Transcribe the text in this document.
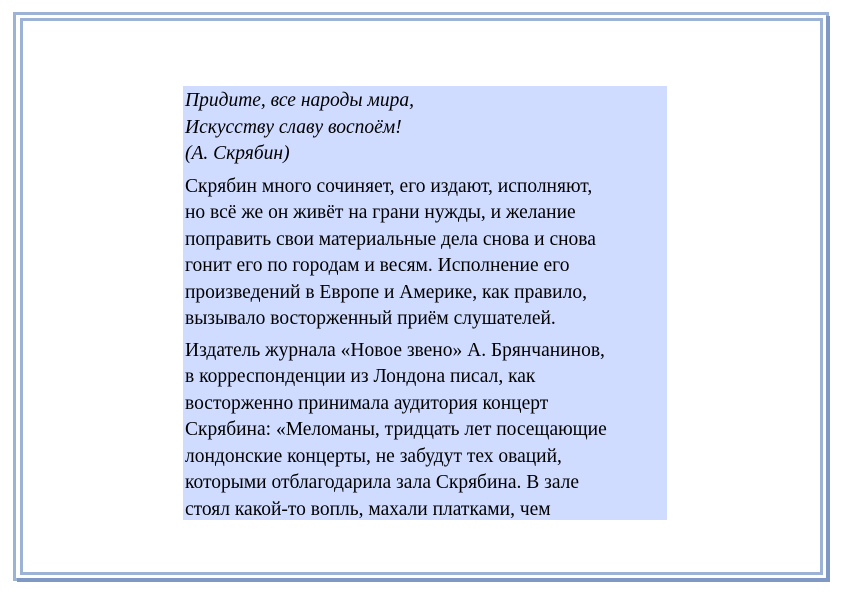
Придите, все народы мира,
Искусству славу воспоём!
(А. Скрябин)
Скрябин много сочиняет, его издают, исполняют,
но всё же он живёт на грани нужды, и желание
поправить свои материальные дела снова и снова
гонит его по городам и весям. Исполнение его
произведений в Европе и Америке, как правило,
вызывало восторженный приём слушателей.
Издатель журнала «Новое звено» А. Брянчанинов,
в корреспонденции из Лондона писал, как
восторженно принимала аудитория концерт
Скрябина: «Меломаны, тридцать лет посещающие
лондонские концерты, не забудут тех оваций,
которыми отблагодарила зала Скрябина. В зале
стоял какой-то вопль, махали платками, чем
